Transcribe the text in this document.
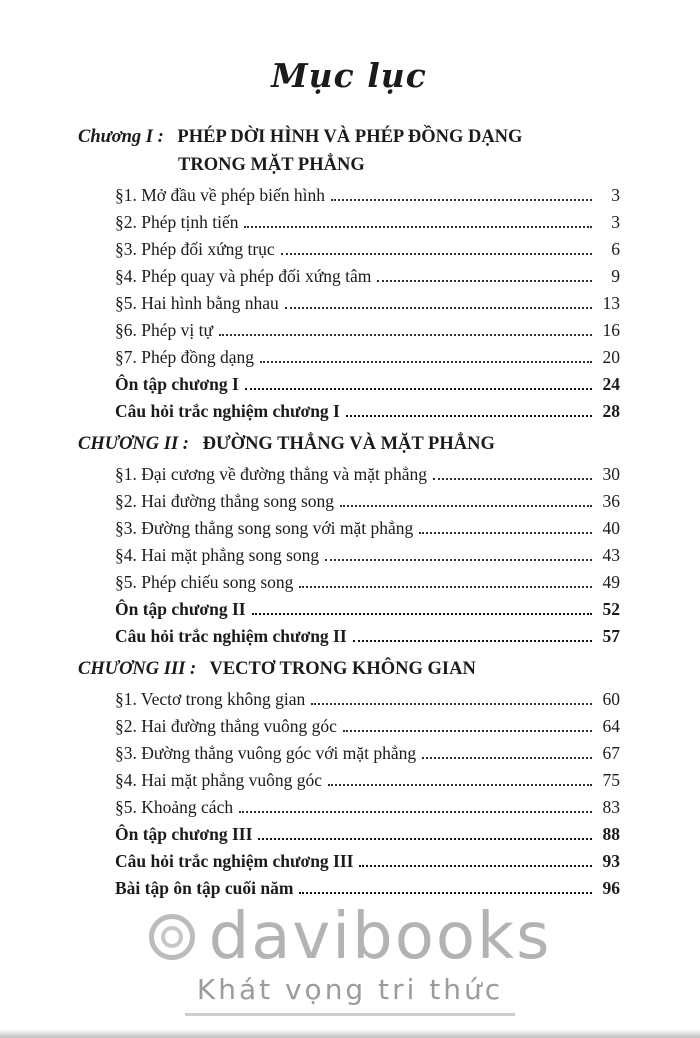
Mục lục
Chương I : PHÉP DỜI HÌNH VÀ PHÉP ĐỒNG DẠNG
TRONG MẶT PHẲNG
§1. Mở đầu về phép biến hình	3
§2. Phép tịnh tiến	3
§3. Phép đối xứng trục	6
§4. Phép quay và phép đối xứng tâm	9
§5. Hai hình bằng nhau	13
§6. Phép vị tự	16
§7. Phép đồng dạng	20
Ôn tập chương I	24
Câu hỏi trắc nghiệm chương I	28
CHƯƠNG II : ĐƯỜNG THẲNG VÀ MẶT PHẲNG
§1. Đại cương về đường thẳng và mặt phẳng	30
§2. Hai đường thẳng song song	36
§3. Đường thẳng song song với mặt phẳng	40
§4. Hai mặt phẳng song song	43
§5. Phép chiếu song song	49
Ôn tập chương II	52
Câu hỏi trắc nghiệm chương II	57
CHƯƠNG III : VECTƠ TRONG KHÔNG GIAN
§1. Vectơ trong không gian	60
§2. Hai đường thẳng vuông góc	64
§3. Đường thẳng vuông góc với mặt phẳng	67
§4. Hai mặt phẳng vuông góc	75
§5. Khoảng cách	83
Ôn tập chương III	88
Câu hỏi trắc nghiệm chương III	93
Bài tập ôn tập cuối năm	96
davibooks
Khát vọng tri thức
